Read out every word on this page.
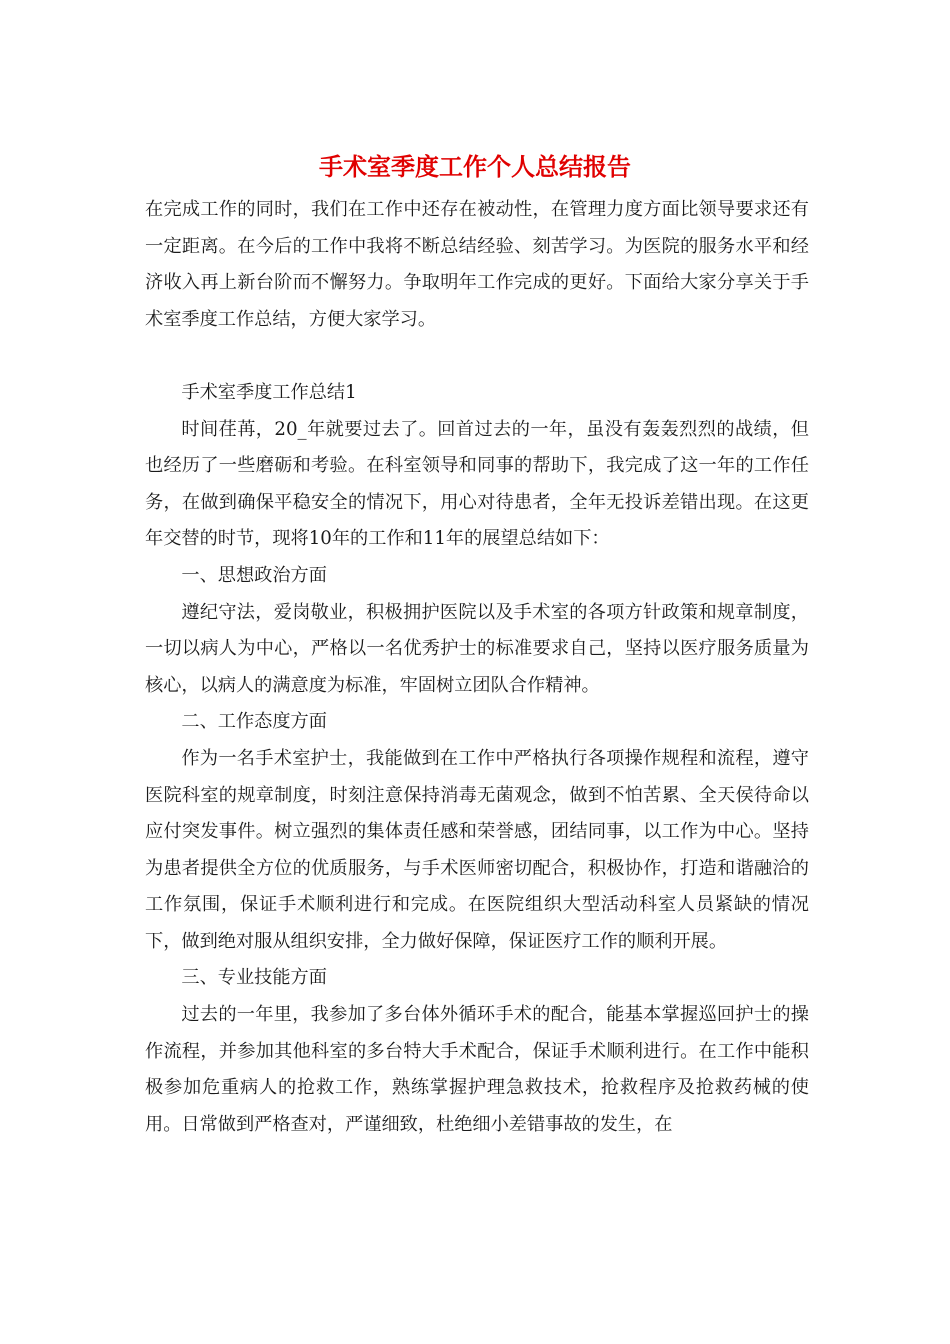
手术室季度工作个人总结报告

在完成工作的同时，我们在工作中还存在被动性，在管理力度方面比领导要求还有一定距离。在今后的工作中我将不断总结经验、刻苦学习。为医院的服务水平和经济收入再上新台阶而不懈努力。争取明年工作完成的更好。下面给大家分享关于手术室季度工作总结，方便大家学习。

手术室季度工作总结1

时间荏苒，20_年就要过去了。回首过去的一年，虽没有轰轰烈烈的战绩，但也经历了一些磨砺和考验。在科室领导和同事的帮助下，我完成了这一年的工作任务，在做到确保平稳安全的情况下，用心对待患者，全年无投诉差错出现。在这更年交替的时节，现将10年的工作和11年的展望总结如下：

一、思想政治方面

遵纪守法，爱岗敬业，积极拥护医院以及手术室的各项方针政策和规章制度，一切以病人为中心，严格以一名优秀护士的标准要求自己，坚持以医疗服务质量为核心，以病人的满意度为标准，牢固树立团队合作精神。

二、工作态度方面

作为一名手术室护士，我能做到在工作中严格执行各项操作规程和流程，遵守医院科室的规章制度，时刻注意保持消毒无菌观念，做到不怕苦累、全天侯待命以应付突发事件。树立强烈的集体责任感和荣誉感，团结同事，以工作为中心。坚持为患者提供全方位的优质服务，与手术医师密切配合，积极协作，打造和谐融洽的工作氛围，保证手术顺利进行和完成。在医院组织大型活动科室人员紧缺的情况下，做到绝对服从组织安排，全力做好保障，保证医疗工作的顺利开展。

三、专业技能方面

过去的一年里，我参加了多台体外循环手术的配合，能基本掌握巡回护士的操作流程，并参加其他科室的多台特大手术配合，保证手术顺利进行。在工作中能积极参加危重病人的抢救工作，熟练掌握护理急救技术，抢救程序及抢救药械的使用。日常做到严格查对，严谨细致，杜绝细小差错事故的发生，在
